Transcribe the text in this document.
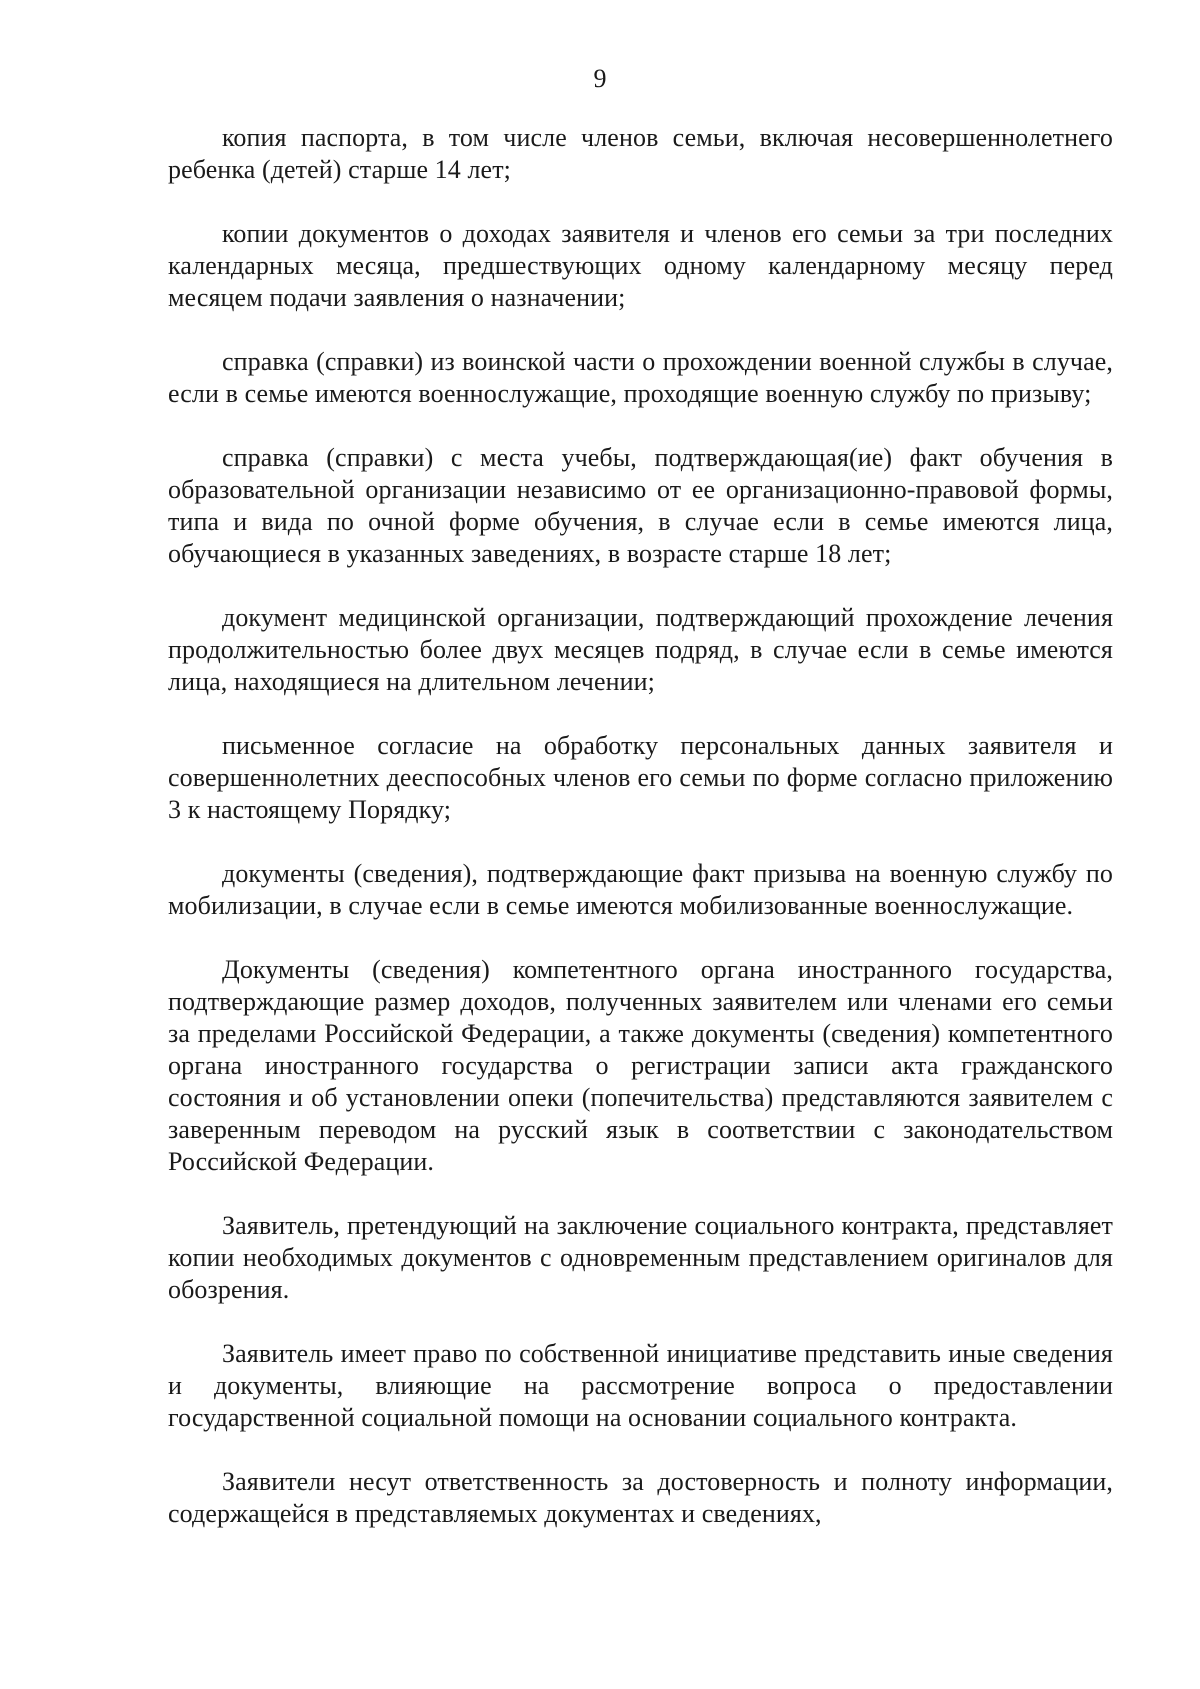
9

копия паспорта, в том числе членов семьи, включая несовершеннолетнего ребенка (детей) старше 14 лет;

копии документов о доходах заявителя и членов его семьи за три последних календарных месяца, предшествующих одному календарному месяцу перед месяцем подачи заявления о назначении;

справка (справки) из воинской части о прохождении военной службы в случае, если в семье имеются военнослужащие, проходящие военную службу по призыву;

справка (справки) с места учебы, подтверждающая(ие) факт обучения в образовательной организации независимо от ее организационно-правовой формы, типа и вида по очной форме обучения, в случае если в семье имеются лица, обучающиеся в указанных заведениях, в возрасте старше 18 лет;

документ медицинской организации, подтверждающий прохождение лечения продолжительностью более двух месяцев подряд, в случае если в семье имеются лица, находящиеся на длительном лечении;

письменное согласие на обработку персональных данных заявителя и совершеннолетних дееспособных членов его семьи по форме согласно приложению 3 к настоящему Порядку;

документы (сведения), подтверждающие факт призыва на военную службу по мобилизации, в случае если в семье имеются мобилизованные военнослужащие.

Документы (сведения) компетентного органа иностранного государства, подтверждающие размер доходов, полученных заявителем или членами его семьи за пределами Российской Федерации, а также документы (сведения) компетентного органа иностранного государства о регистрации записи акта гражданского состояния и об установлении опеки (попечительства) представляются заявителем с заверенным переводом на русский язык в соответствии с законодательством Российской Федерации.

Заявитель, претендующий на заключение социального контракта, представляет копии необходимых документов с одновременным представлением оригиналов для обозрения.

Заявитель имеет право по собственной инициативе представить иные сведения и документы, влияющие на рассмотрение вопроса о предоставлении государственной социальной помощи на основании социального контракта.

Заявители несут ответственность за достоверность и полноту информации, содержащейся в представляемых документах и сведениях,
